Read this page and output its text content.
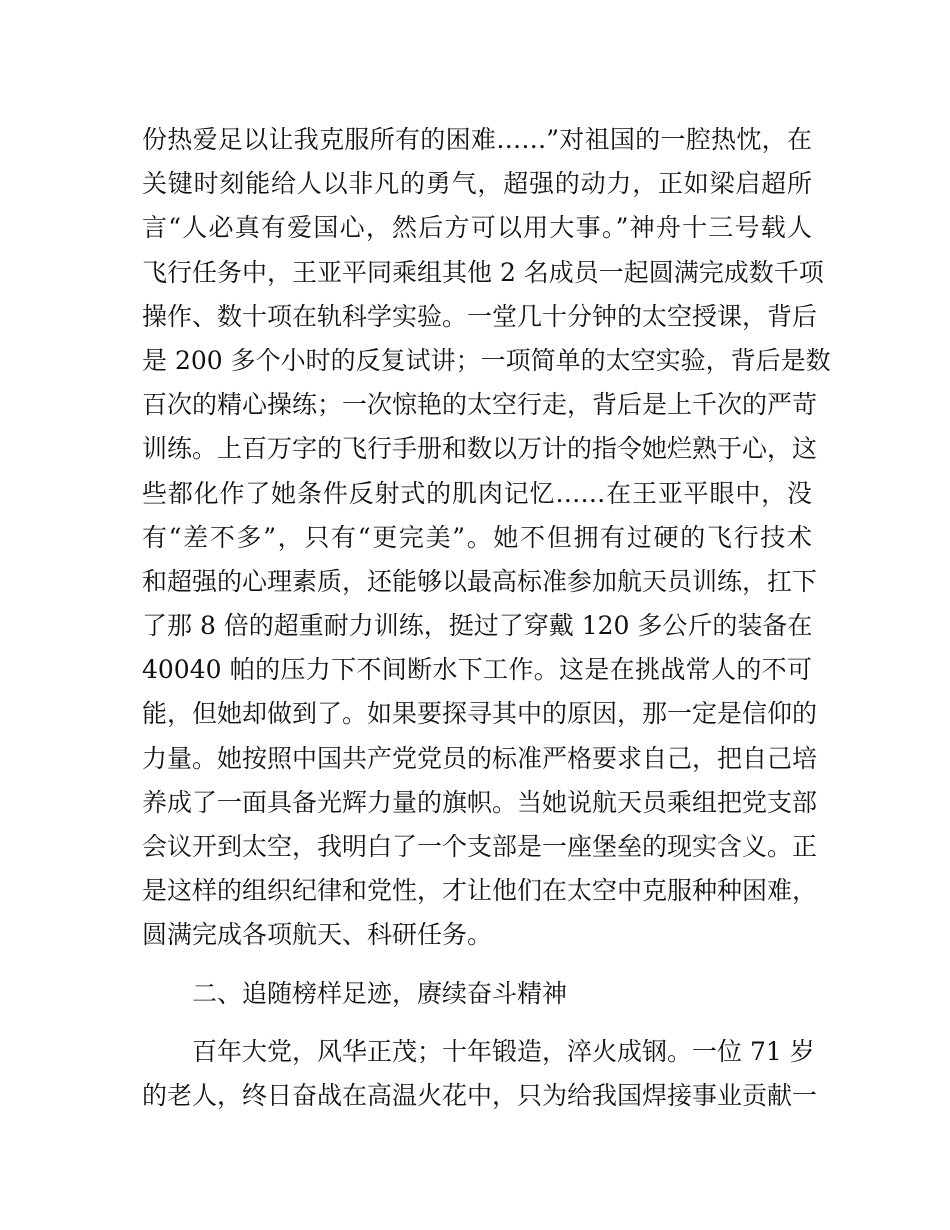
份热爱足以让我克服所有的困难……”对祖国的一腔热忱，在
关键时刻能给人以非凡的勇气，超强的动力，正如梁启超所
言“人必真有爱国心，然后方可以用大事。”神舟十三号载人
飞行任务中，王亚平同乘组其他 2 名成员一起圆满完成数千项
操作、数十项在轨科学实验。一堂几十分钟的太空授课，背后
是 200 多个小时的反复试讲；一项简单的太空实验，背后是数
百次的精心操练；一次惊艳的太空行走，背后是上千次的严苛
训练。上百万字的飞行手册和数以万计的指令她烂熟于心，这
些都化作了她条件反射式的肌肉记忆……在王亚平眼中，没
有“差不多”，只有“更完美”。她不但拥有过硬的飞行技术
和超强的心理素质，还能够以最高标准参加航天员训练，扛下
了那 8 倍的超重耐力训练，挺过了穿戴 120 多公斤的装备在
40040 帕的压力下不间断水下工作。这是在挑战常人的不可
能，但她却做到了。如果要探寻其中的原因，那一定是信仰的
力量。她按照中国共产党党员的标准严格要求自己，把自己培
养成了一面具备光辉力量的旗帜。当她说航天员乘组把党支部
会议开到太空，我明白了一个支部是一座堡垒的现实含义。正
是这样的组织纪律和党性，才让他们在太空中克服种种困难，
圆满完成各项航天、科研任务。
二、追随榜样足迹，赓续奋斗精神
百年大党，风华正茂；十年锻造，淬火成钢。一位 71 岁
的老人，终日奋战在高温火花中，只为给我国焊接事业贡献一
